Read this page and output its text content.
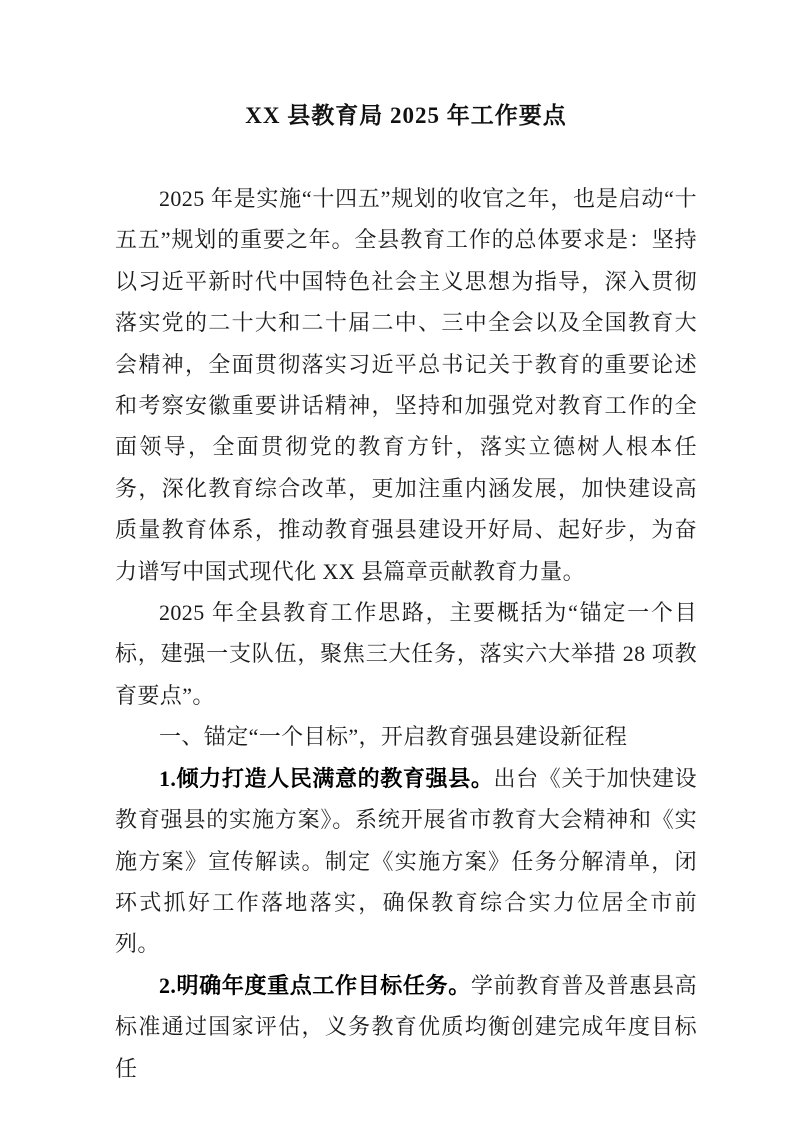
XX 县教育局 2025 年工作要点

2025 年是实施“十四五”规划的收官之年，也是启动“十五五”规划的重要之年。全县教育工作的总体要求是：坚持以习近平新时代中国特色社会主义思想为指导，深入贯彻落实党的二十大和二十届二中、三中全会以及全国教育大会精神，全面贯彻落实习近平总书记关于教育的重要论述和考察安徽重要讲话精神，坚持和加强党对教育工作的全面领导，全面贯彻党的教育方针，落实立德树人根本任务，深化教育综合改革，更加注重内涵发展，加快建设高质量教育体系，推动教育强县建设开好局、起好步，为奋力谱写中国式现代化 XX 县篇章贡献教育力量。

2025 年全县教育工作思路，主要概括为“锚定一个目标，建强一支队伍，聚焦三大任务，落实六大举措 28 项教育要点”。

一、锚定“一个目标”，开启教育强县建设新征程

1.倾力打造人民满意的教育强县。出台《关于加快建设教育强县的实施方案》。系统开展省市教育大会精神和《实施方案》宣传解读。制定《实施方案》任务分解清单，闭环式抓好工作落地落实，确保教育综合实力位居全市前列。

2.明确年度重点工作目标任务。学前教育普及普惠县高标准通过国家评估，义务教育优质均衡创建完成年度目标任
